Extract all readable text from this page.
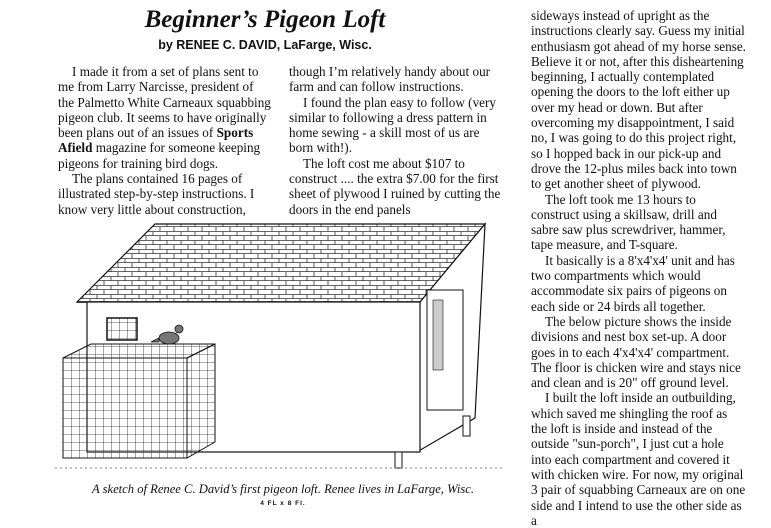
Beginner’s Pigeon Loft
by RENEE C. DAVID, LaFarge, Wisc.

I made it from a set of plans sent to me from Larry Narcisse, president of the Palmetto White Carneaux squabbing pigeon club. It seems to have originally been plans out of an issues of Sports Afield magazine for someone keeping pigeons for training bird dogs.

The plans contained 16 pages of illustrated step-by-step instructions. I know very little about construction,

though I’m relatively handy about our farm and can follow instructions.

I found the plan easy to follow (very similar to following a dress pattern in home sewing - a skill most of us are born with!).

The loft cost me about $107 to construct .... the extra $7.00 for the first sheet of plywood I ruined by cutting the doors in the end panels

sideways instead of upright as the instructions clearly say. Guess my initial enthusiasm got ahead of my horse sense. Believe it or not, after this disheartening beginning, I actually contemplated opening the doors to the loft either up over my head or down. But after overcoming my disappointment, I said no, I was going to do this project right, so I hopped back in our pick-up and drove the 12-plus miles back into town to get another sheet of plywood.

The loft took me 13 hours to construct using a skillsaw, drill and sabre saw plus screwdriver, hammer, tape measure, and T-square.

It basically is a 8'x4'x4' unit and has two compartments which would accommodate six pairs of pigeons on each side or 24 birds all together.

The below picture shows the inside divisions and nest box set-up. A door goes in to each 4'x4'x4' compartment. The floor is chicken wire and stays nice and clean and is 20" off ground level.

I built the loft inside an outbuilding, which saved me shingling the roof as the loft is inside and instead of the outside "sun-porch", I just cut a hole into each compartment and covered it with chicken wire. For now, my original 3 pair of squabbing Carneaux are on one side and I intend to use the other side as a

A sketch of Renee C. David’s first pigeon loft. Renee lives in LaFarge, Wisc.
4 FL x 8 FI.
